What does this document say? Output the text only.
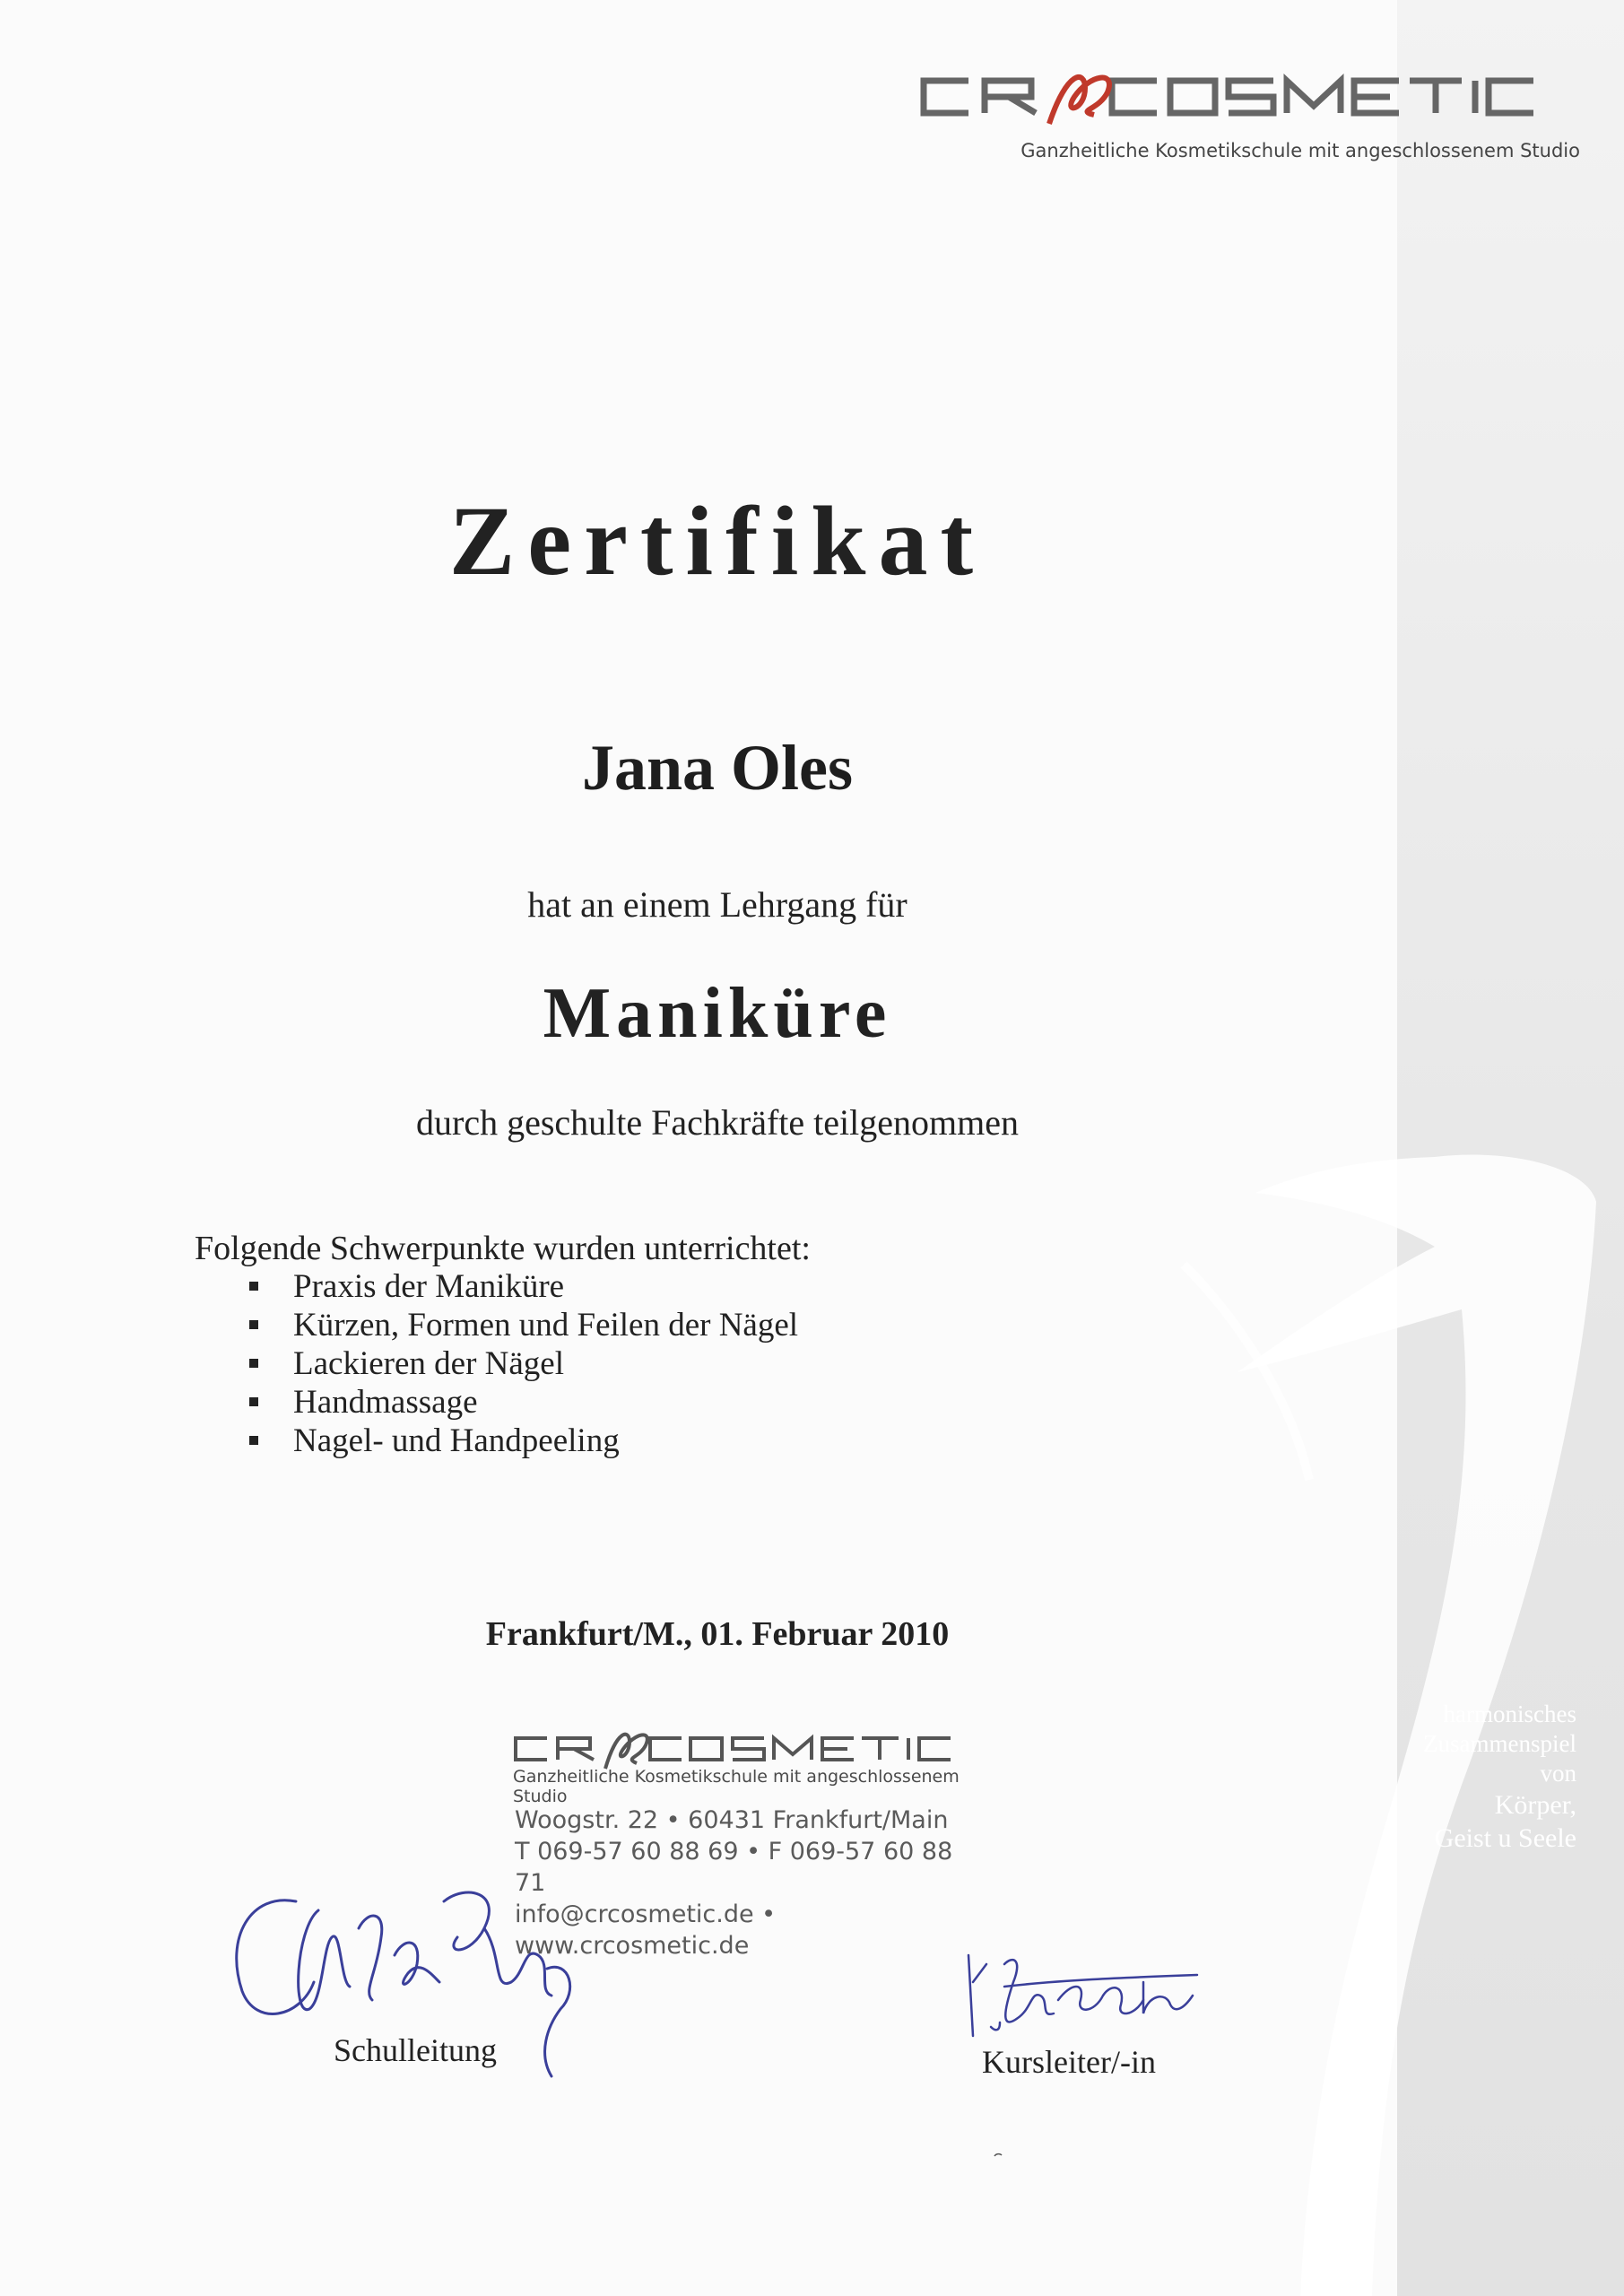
harmonisches
Zusammenspiel
von
Körper,
Geist u Seele
CR COSMETIC
Ganzheitliche Kosmetikschule mit angeschlossenem Studio
Zertifikat
Jana Oles
hat an einem Lehrgang für
Maniküre
durch geschulte Fachkräfte teilgenommen
Folgende Schwerpunkte wurden unterrichtet:
Praxis der Maniküre
Kürzen, Formen und Feilen der Nägel
Lackieren der Nägel
Handmassage
Nagel- und Handpeeling
Frankfurt/M., 01. Februar 2010
CR COSMETIC
Ganzheitliche Kosmetikschule mit angeschlossenem Studio
Woogstr. 22 • 60431 Frankfurt/Main
T 069-57 60 88 69 • F 069-57 60 88 71
info@crcosmetic.de • www.crcosmetic.de
Schulleitung	Kursleiter/-in
